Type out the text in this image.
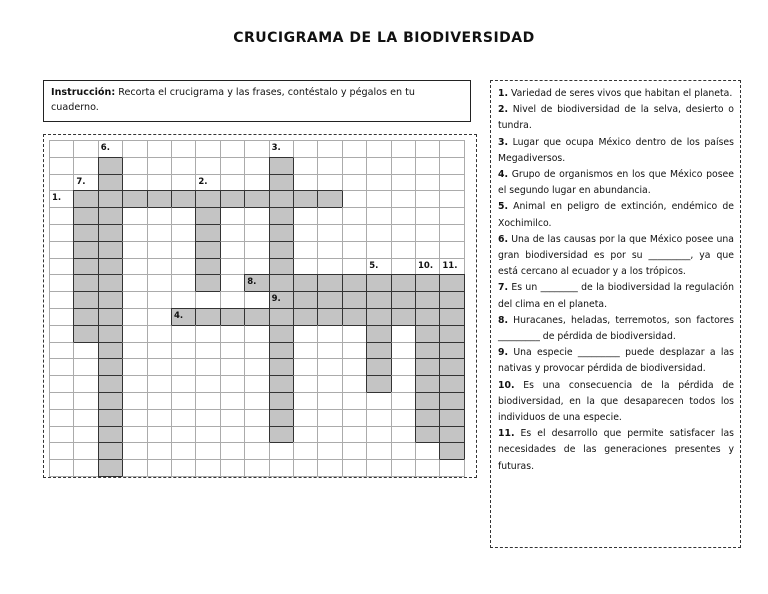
CRUCIGRAMA DE LA BIODIVERSIDAD
Instrucción: Recorta el crucigrama y las frases, contéstalo y pégalos en tu cuaderno.
6.	3.
7.	2.
1.
5.	10. 11.
8.
9.
4.

1. Variedad de seres vivos que habitan el planeta.

2. Nivel de biodiversidad de la selva, desierto o tundra.

3. Lugar que ocupa México dentro de los países Megadiversos.

4. Grupo de organismos en los que México posee el segundo lugar en abundancia.

5. Animal en peligro de extinción, endémico de Xochimilco.

6. Una de las causas por la que México posee una gran biodiversidad es por su _________, ya que está cercano al ecuador y a los trópicos.

7. Es un ________ de la biodiversidad la regulación del clima en el planeta.

8. Huracanes, heladas, terremotos, son factores _________ de pérdida de biodiversidad.

9. Una especie _________ puede desplazar a las nativas y provocar pérdida de biodiversidad.

10. Es una consecuencia de la pérdida de biodiversidad, en la que desaparecen todos los individuos de una especie.

11. Es el desarrollo que permite satisfacer las necesidades de las generaciones presentes y futuras.
